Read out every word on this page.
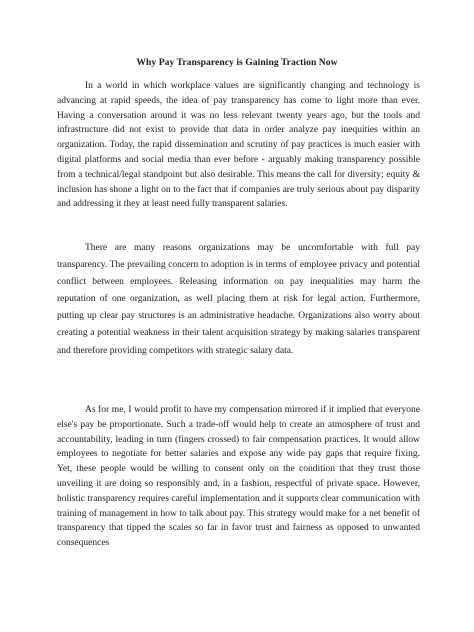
Why Pay Transparency is Gaining Traction Now

In a world in which workplace values are significantly changing and technology is advancing at rapid speeds, the idea of pay transparency has come to light more than ever. Having a conversation around it was no less relevant twenty years ago, but the tools and infrastructure did not exist to provide that data in order analyze pay inequities within an organization. Today, the rapid dissemination and scrutiny of pay practices is much easier with digital platforms and social media than ever before - arguably making transparency possible from a technical/legal standpoint but also desirable. This means the call for diversity; equity & inclusion has shone a light on to the fact that if companies are truly serious about pay disparity and addressing it they at least need fully transparent salaries.

There are many reasons organizations may be uncomfortable with full pay transparency. The prevailing concern to adoption is in terms of employee privacy and potential conflict between employees. Releasing information on pay inequalities may harm the reputation of one organization, as well placing them at risk for legal action. Furthermore, putting up clear pay structures is an administrative headache. Organizations also worry about creating a potential weakness in their talent acquisition strategy by making salaries transparent and therefore providing competitors with strategic salary data.

As for me, I would profit to have my compensation mirrored if it implied that everyone else's pay be proportionate. Such a trade-off would help to create an atmosphere of trust and accountability, leading in turn (fingers crossed) to fair compensation practices. It would allow employees to negotiate for better salaries and expose any wide pay gaps that require fixing. Yet, these people would be willing to consent only on the condition that they trust those unveiling it are doing so responsibly and, in a fashion, respectful of private space. However, holistic transparency requires careful implementation and it supports clear communication with training of management in how to talk about pay. This strategy would make for a net benefit of transparency that tipped the scales so far in favor trust and fairness as opposed to unwanted consequences
